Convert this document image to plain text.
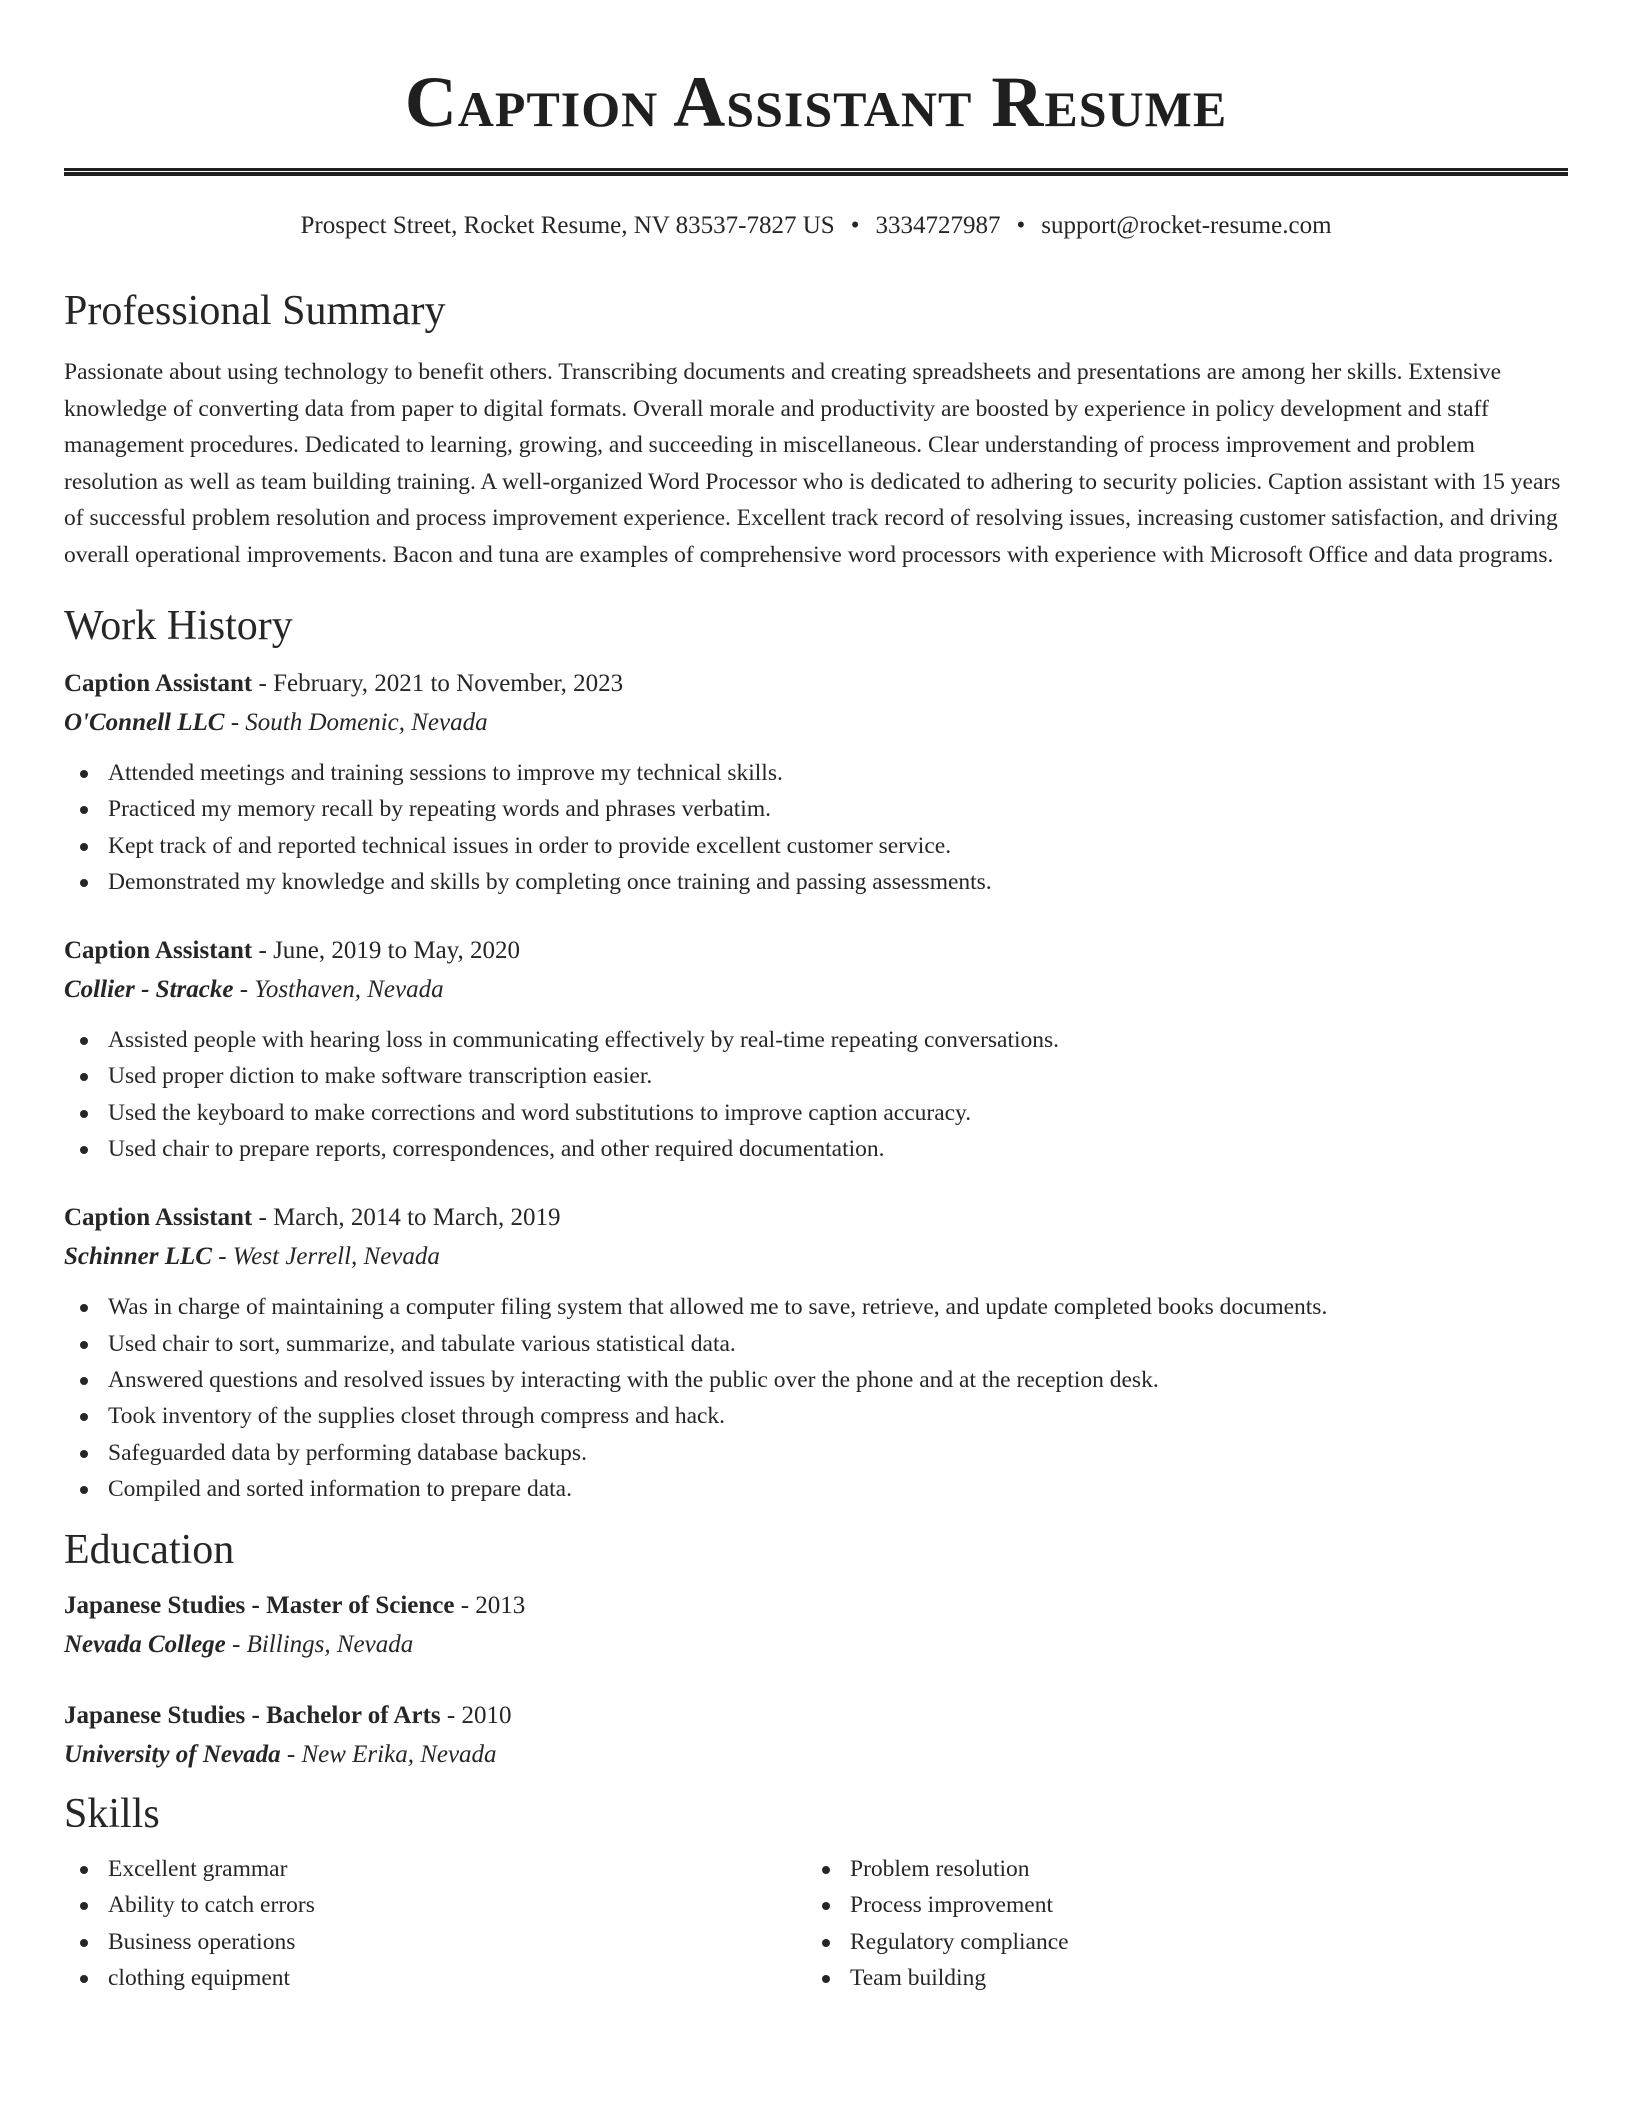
Caption Assistant Resume
Prospect Street, Rocket Resume, NV 83537-7827 US • 3334727987 • support@rocket-resume.com
Professional Summary

Passionate about using technology to benefit others. Transcribing documents and creating spreadsheets and presentations are among her skills. Extensive knowledge of converting data from paper to digital formats. Overall morale and productivity are boosted by experience in policy development and staff management procedures. Dedicated to learning, growing, and succeeding in miscellaneous. Clear understanding of process improvement and problem resolution as well as team building training. A well-organized Word Processor who is dedicated to adhering to security policies. Caption assistant with 15 years of successful problem resolution and process improvement experience. Excellent track record of resolving issues, increasing customer satisfaction, and driving overall operational improvements. Bacon and tuna are examples of comprehensive word processors with experience with Microsoft Office and data programs.

Work History
Caption Assistant - February, 2021 to November, 2023
O'Connell LLC - South Domenic, Nevada
Attended meetings and training sessions to improve my technical skills.
Practiced my memory recall by repeating words and phrases verbatim.
Kept track of and reported technical issues in order to provide excellent customer service.
Demonstrated my knowledge and skills by completing once training and passing assessments.
Caption Assistant - June, 2019 to May, 2020
Collier - Stracke - Yosthaven, Nevada
Assisted people with hearing loss in communicating effectively by real-time repeating conversations.
Used proper diction to make software transcription easier.
Used the keyboard to make corrections and word substitutions to improve caption accuracy.
Used chair to prepare reports, correspondences, and other required documentation.
Caption Assistant - March, 2014 to March, 2019
Schinner LLC - West Jerrell, Nevada
Was in charge of maintaining a computer filing system that allowed me to save, retrieve, and update completed books documents.
Used chair to sort, summarize, and tabulate various statistical data.
Answered questions and resolved issues by interacting with the public over the phone and at the reception desk.
Took inventory of the supplies closet through compress and hack.
Safeguarded data by performing database backups.
Compiled and sorted information to prepare data.
Education
Japanese Studies - Master of Science - 2013
Nevada College - Billings, Nevada
Japanese Studies - Bachelor of Arts - 2010
University of Nevada - New Erika, Nevada
Skills
Excellent grammar
Ability to catch errors
Business operations
clothing equipment
Problem resolution
Process improvement
Regulatory compliance
Team building
